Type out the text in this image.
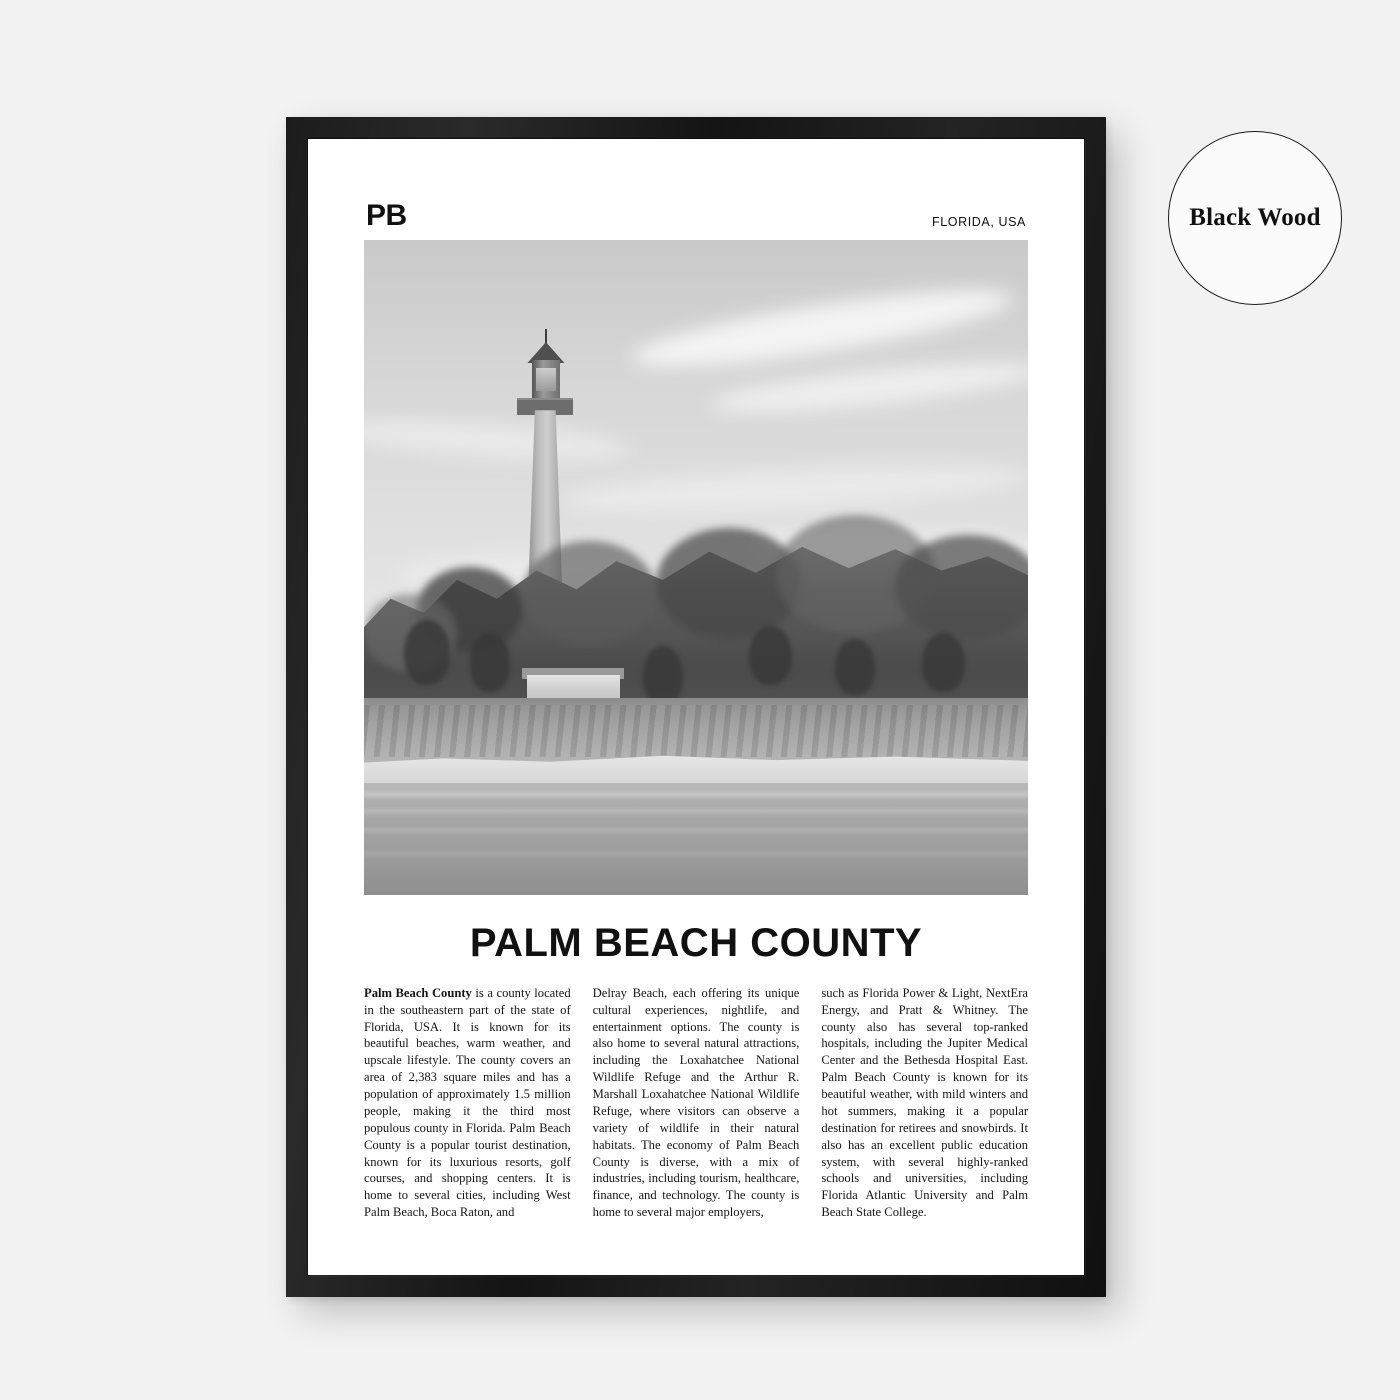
Black Wood
PB	FLORIDA, USA
PALM BEACH COUNTY
Palm Beach County is a county located in the southeastern part of the state of Florida, USA. It is known for its beautiful beaches, warm weather, and upscale lifestyle. The county covers an area of 2,383 square miles and has a population of approximately 1.5 million people, making it the third most populous county in Florida. Palm Beach County is a popular tourist destination, known for its luxurious resorts, golf courses, and shopping centers. It is home to several cities, including West Palm Beach, Boca Raton, and
Delray Beach, each offering its unique cultural experiences, nightlife, and entertainment options. The county is also home to several natural attractions, including the Loxahatchee National Wildlife Refuge and the Arthur R. Marshall Loxahatchee National Wildlife Refuge, where visitors can observe a variety of wildlife in their natural habitats. The economy of Palm Beach County is diverse, with a mix of industries, including tourism, healthcare, finance, and technology. The county is home to several major employers,
such as Florida Power & Light, NextEra Energy, and Pratt & Whitney. The county also has several top-ranked hospitals, including the Jupiter Medical Center and the Bethesda Hospital East. Palm Beach County is known for its beautiful weather, with mild winters and hot summers, making it a popular destination for retirees and snowbirds. It also has an excellent public education system, with several highly-ranked schools and universities, including Florida Atlantic University and Palm Beach State College.
